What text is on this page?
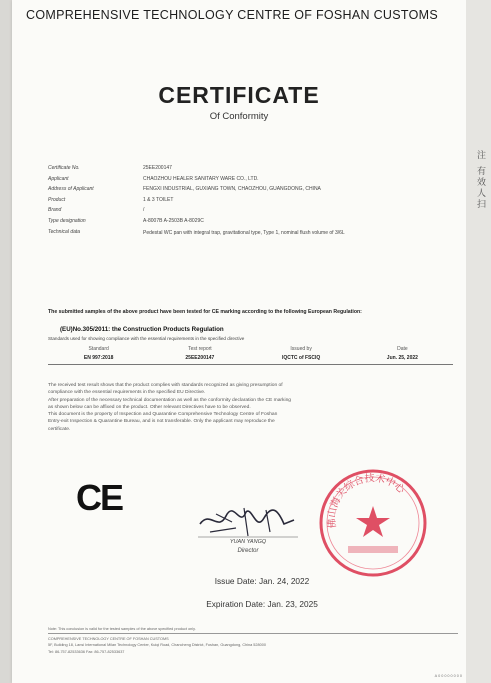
COMPREHENSIVE TECHNOLOGY CENTRE OF FOSHAN CUSTOMS
CERTIFICATE
Of Conformity
Certificate No.	25EE200147
Applicant	CHAOZHOU HEALER SANITARY WARE CO., LTD.
Address of Applicant	FENGXI INDUSTRIAL, GUXIANG TOWN, CHAOZHOU, GUANGDONG, CHINA
Product	1 & 3 TOILET
Brand	/
Type designation	A-8007B A-2503B A-8029C
Technical data	Pedestal WC pan with integral trap, gravitational type, Type 1, nominal flush volume of 3/6L
The submitted samples of the above product have been tested for CE marking according to the following European Regulation:
(EU)No.305/2011: the Construction Products Regulation
Standards used for showing compliance with the essential requirements in the specified directive
Standard	Test report	Issued by	Date
EN 997:2018	25EE200147	IQCTC of FSCIQ	Jun. 25, 2022
The received test result shows that the product complies with standards recognized as giving presumption of
compliance with the essential requirements in the specified EU Directive.
After preparation of the necessary technical documentation as well as the conformity declaration the CE marking
as shown below can be affixed on the product. Other relevant Directives have to be observed.
This document is the property of Inspection and Quarantine Comprehensive Technology Centre of Foshan
Entry-exit Inspection & Quarantine Bureau, and is not transferable. Only the applicant may reproduce the
certificate.
CE
YUAN YANGQ
Director
佛山海关综合技术中心
Issue Date: Jan. 24, 2022
Expiration Date: Jan. 23, 2025
Note: This conclusion is valid for the tested samples of the above specified product only.
COMPREHENSIVE TECHNOLOGY CENTRE OF FOSHAN CUSTOMS
5F, Building 18, Lansi International Milan Technology Center, Kuiqi Road, Chancheng District, Foshan, Guangdong, China 528000
Tel: 86-757-82533636 Fax: 86-757-82533637
注 有效人扫
A00000000
